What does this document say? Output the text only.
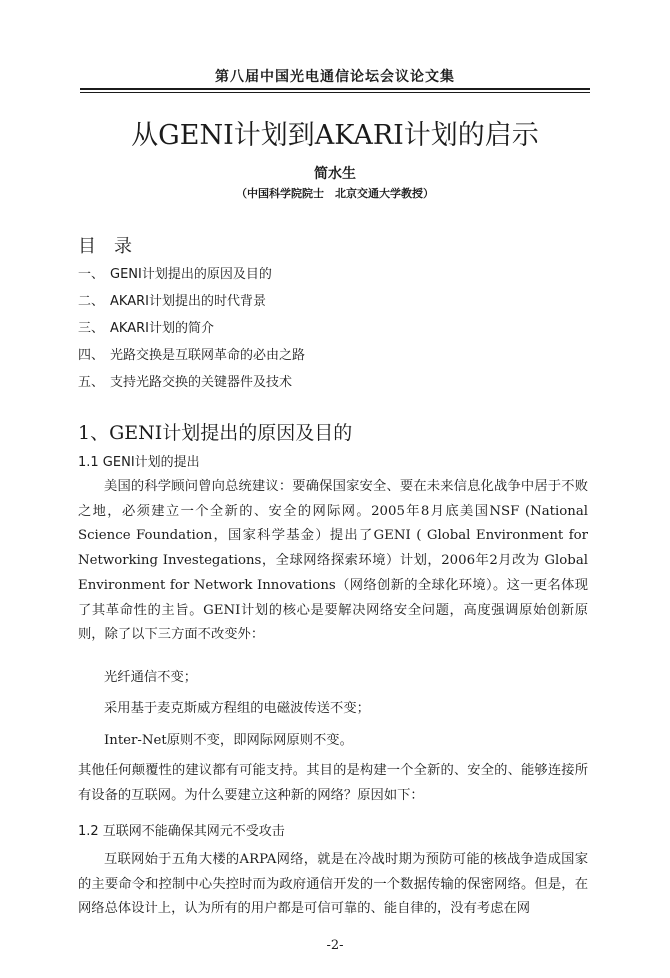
第八届中国光电通信论坛会议论文集
从GENI计划到AKARI计划的启示
简水生
（中国科学院院士　北京交通大学教授）
目　录
一、 GENI计划提出的原因及目的
二、 AKARI计划提出的时代背景
三、 AKARI计划的简介
四、 光路交换是互联网革命的必由之路
五、 支持光路交换的关键器件及技术
1、GENI计划提出的原因及目的
1.1 GENI计划的提出
美国的科学顾问曾向总统建议：要确保国家安全、要在未来信息化战争中居于不败之地，必须建立一个全新的、安全的网际网。2005年8月底美国NSF (National Science Foundation，国家科学基金）提出了GENI ( Global Environment for Networking Investegations，全球网络探索环境）计划，2006年2月改为 Global Environment for Network Innovations（网络创新的全球化环境）。这一更名体现了其革命性的主旨。GENI计划的核心是要解决网络安全问题，高度强调原始创新原则，除了以下三方面不改变外：
光纤通信不变；
采用基于麦克斯威方程组的电磁波传送不变；
Inter-Net原则不变，即网际网原则不变。
其他任何颠覆性的建议都有可能支持。其目的是构建一个全新的、安全的、能够连接所有设备的互联网。为什么要建立这种新的网络？原因如下：
1.2 互联网不能确保其网元不受攻击
互联网始于五角大楼的ARPA网络，就是在冷战时期为预防可能的核战争造成国家的主要命令和控制中心失控时而为政府通信开发的一个数据传输的保密网络。但是，在网络总体设计上，认为所有的用户都是可信可靠的、能自律的，没有考虑在网
-2-
